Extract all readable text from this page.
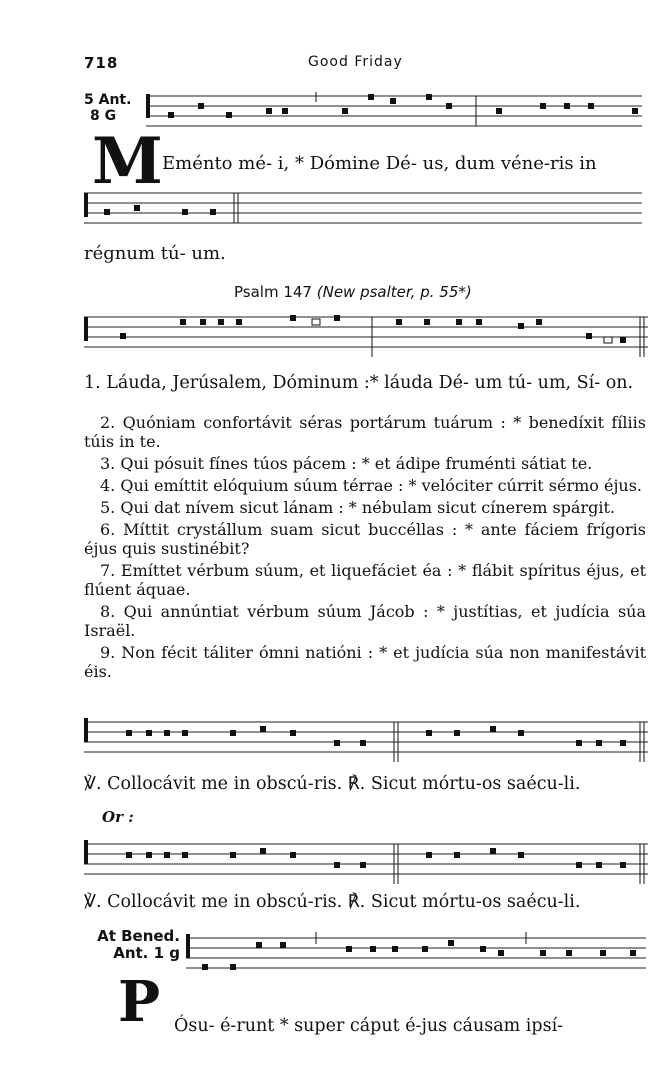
718	Good Friday
5 Ant.
8 G
M Eménto mé- i, * Dómine Dé- us, dum véne-ris in
régnum tú- um.
Psalm 147 (New psalter, p. 55*)
1. Láuda, Jerúsalem, Dóminum :* láuda Dé- um tú- um, Sí- on.

2. Quóniam confortávit séras portárum tuárum : * benedíxit fíliis túis in te.

3. Qui pósuit fínes túos pácem : * et ádipe fruménti sátiat te.

4. Qui emíttit elóquium súum térrae : * velóciter cúrrit sérmo éjus.

5. Qui dat nívem sicut lánam : * nébulam sicut cínerem spárgit.

6. Míttit crystállum suam sicut buccéllas : * ante fáciem frígoris éjus quis sustinébit?

7. Emíttet vérbum súum, et liquefáciet éa : * flábit spíritus éjus, et flúent áquae.

8. Qui annúntiat vérbum súum Jácob : * justítias, et judícia súa Israël.

9. Non fécit táliter ómni natióni : * et judícia súa non manifestávit éis.

℣. Collocávit me in obscú-ris. ℟. Sicut mórtu-os saécu-li.
Or :
℣. Collocávit me in obscú-ris. ℟. Sicut mórtu-os saécu-li.
At Bened.
Ant. 1 g
P Ósu- é-runt * super cáput é-jus cáusam ipsí-
